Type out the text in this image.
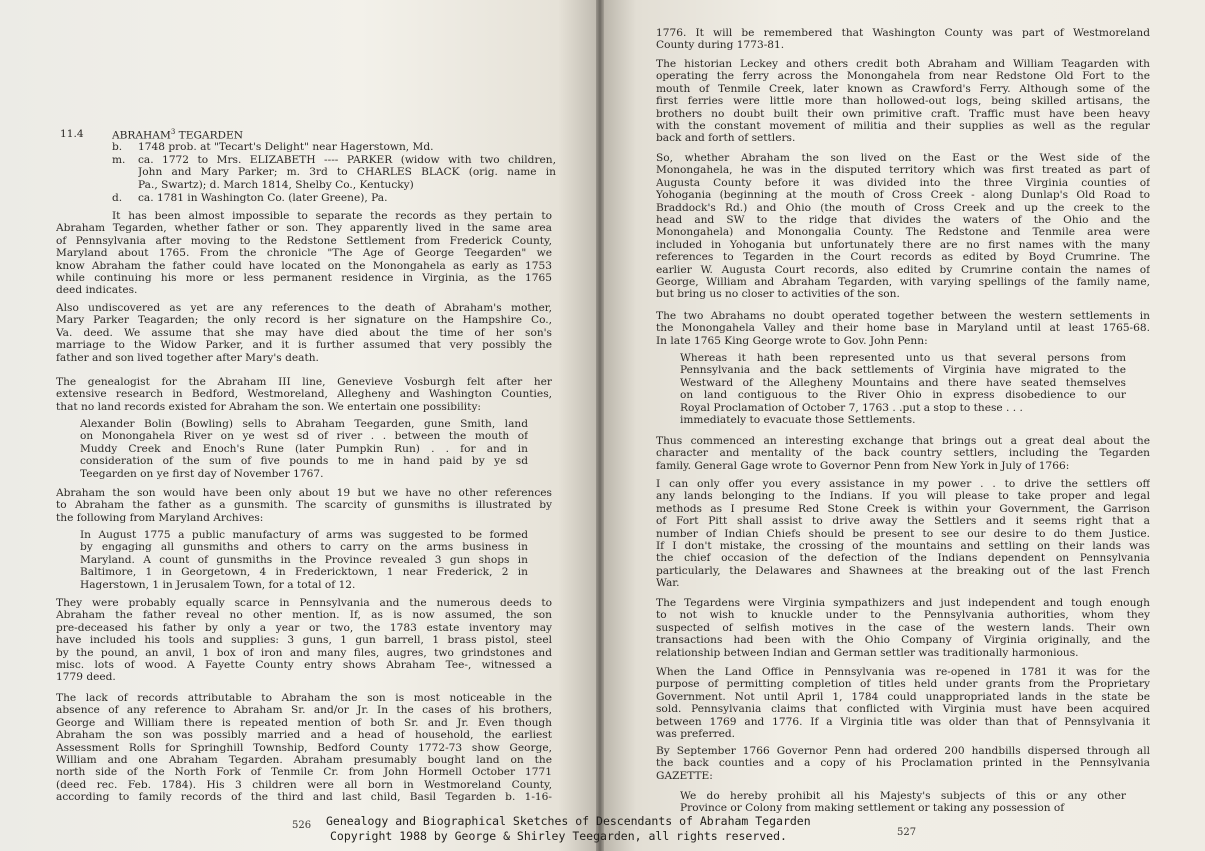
11.4	ABRAHAM$^3$ TEGARDEN
b. 1748 prob. at "Tecart's Delight" near Hagerstown, Md.
m. ca. 1772 to Mrs. ELIZABETH ---- PARKER (widow with two children,
John and Mary Parker; m. 3rd to CHARLES BLACK (orig. name in
Pa., Swartz); d. March 1814, Shelby Co., Kentucky)
d. ca. 1781 in Washington Co. (later Greene), Pa.
It has been almost impossible to separate the records as they pertain to
Abraham Tegarden, whether father or son. They apparently lived in the same area
of Pennsylvania after moving to the Redstone Settlement from Frederick County,
Maryland about 1765. From the chronicle "The Age of George Teegarden" we
know Abraham the father could have located on the Monongahela as early as 1753
while continuing his more or less permanent residence in Virginia, as the 1765
deed indicates.
Also undiscovered as yet are any references to the death of Abraham's mother,
Mary Parker Teagarden; the only record is her signature on the Hampshire Co.,
Va. deed. We assume that she may have died about the time of her son's
marriage to the Widow Parker, and it is further assumed that very possibly the
father and son lived together after Mary's death.
The genealogist for the Abraham III line, Genevieve Vosburgh felt after her
extensive research in Bedford, Westmoreland, Allegheny and Washington Counties,
that no land records existed for Abraham the son. We entertain one possibility:
Alexander Bolin (Bowling) sells to Abraham Teegarden, gune Smith, land
on Monongahela River on ye west sd of river . . between the mouth of
Muddy Creek and Enoch's Rune (later Pumpkin Run) . . for and in
consideration of the sum of five pounds to me in hand paid by ye sd
Teegarden on ye first day of November 1767.
Abraham the son would have been only about 19 but we have no other references
to Abraham the father as a gunsmith. The scarcity of gunsmiths is illustrated by
the following from Maryland Archives:
In August 1775 a public manufactury of arms was suggested to be formed
by engaging all gunsmiths and others to carry on the arms business in
Maryland. A count of gunsmiths in the Province revealed 3 gun shops in
Baltimore, 1 in Georgetown, 4 in Fredericktown, 1 near Frederick, 2 in
Hagerstown, 1 in Jerusalem Town, for a total of 12.
They were probably equally scarce in Pennsylvania and the numerous deeds to
Abraham the father reveal no other mention. If, as is now assumed, the son
pre-deceased his father by only a year or two, the 1783 estate inventory may
have included his tools and supplies: 3 guns, 1 gun barrell, 1 brass pistol, steel
by the pound, an anvil, 1 box of iron and many files, augres, two grindstones and
misc. lots of wood. A Fayette County entry shows Abraham Tee-, witnessed a
1779 deed.
The lack of records attributable to Abraham the son is most noticeable in the
absence of any reference to Abraham Sr. and/or Jr. In the cases of his brothers,
George and William there is repeated mention of both Sr. and Jr. Even though
Abraham the son was possibly married and a head of household, the earliest
Assessment Rolls for Springhill Township, Bedford County 1772-73 show George,
William and one Abraham Tegarden. Abraham presumably bought land on the
north side of the North Fork of Tenmile Cr. from John Hormell October 1771
(deed rec. Feb. 1784). His 3 children were all born in Westmoreland County,
according to family records of the third and last child, Basil Tegarden b. 1-16-
1776. It will be remembered that Washington County was part of Westmoreland
County during 1773-81.
The historian Leckey and others credit both Abraham and William Teagarden with
operating the ferry across the Monongahela from near Redstone Old Fort to the
mouth of Tenmile Creek, later known as Crawford's Ferry. Although some of the
first ferries were little more than hollowed-out logs, being skilled artisans, the
brothers no doubt built their own primitive craft. Traffic must have been heavy
with the constant movement of militia and their supplies as well as the regular
back and forth of settlers.
So, whether Abraham the son lived on the East or the West side of the
Monongahela, he was in the disputed territory which was first treated as part of
Augusta County before it was divided into the three Virginia counties of
Yohogania (beginning at the mouth of Cross Creek - along Dunlap's Old Road to
Braddock's Rd.) and Ohio (the mouth of Cross Creek and up the creek to the
head and SW to the ridge that divides the waters of the Ohio and the
Monongahela) and Monongalia County. The Redstone and Tenmile area were
included in Yohogania but unfortunately there are no first names with the many
references to Tegarden in the Court records as edited by Boyd Crumrine. The
earlier W. Augusta Court records, also edited by Crumrine contain the names of
George, William and Abraham Tegarden, with varying spellings of the family name,
but bring us no closer to activities of the son.
The two Abrahams no doubt operated together between the western settlements in
the Monongahela Valley and their home base in Maryland until at least 1765-68.
In late 1765 King George wrote to Gov. John Penn:
Whereas it hath been represented unto us that several persons from
Pennsylvania and the back settlements of Virginia have migrated to the
Westward of the Allegheny Mountains and there have seated themselves
on land contiguous to the River Ohio in express disobedience to our
Royal Proclamation of October 7, 1763 . .put a stop to these . . .
immediately to evacuate those Settlements.
Thus commenced an interesting exchange that brings out a great deal about the
character and mentality of the back country settlers, including the Tegarden
family. General Gage wrote to Governor Penn from New York in July of 1766:
I can only offer you every assistance in my power . . to drive the settlers off
any lands belonging to the Indians. If you will please to take proper and legal
methods as I presume Red Stone Creek is within your Government, the Garrison
of Fort Pitt shall assist to drive away the Settlers and it seems right that a
number of Indian Chiefs should be present to see our desire to do them Justice.
If I don't mistake, the crossing of the mountains and settling on their lands was
the chief occasion of the defection of the Indians dependent on Pennsylvania
particularly, the Delawares and Shawnees at the breaking out of the last French
War.
The Tegardens were Virginia sympathizers and just independent and tough enough
to not wish to knuckle under to the Pennsylvania authorities, whom they
suspected of selfish motives in the case of the western lands. Their own
transactions had been with the Ohio Company of Virginia originally, and the
relationship between Indian and German settler was traditionally harmonious.
When the Land Office in Pennsylvania was re-opened in 1781 it was for the
purpose of permitting completion of titles held under grants from the Proprietary
Government. Not until April 1, 1784 could unappropriated lands in the state be
sold. Pennsylvania claims that conflicted with Virginia must have been acquired
between 1769 and 1776. If a Virginia title was older than that of Pennsylvania it
was preferred.
By September 1766 Governor Penn had ordered 200 handbills dispersed through all
the back counties and a copy of his Proclamation printed in the Pennsylvania
GAZETTE:
We do hereby prohibit all his Majesty's subjects of this or any other
Province or Colony from making settlement or taking any possession of
526
527
Genealogy and Biographical Sketches of Descendants of Abraham Tegarden
Copyright 1988 by George & Shirley Teegarden, all rights reserved.
